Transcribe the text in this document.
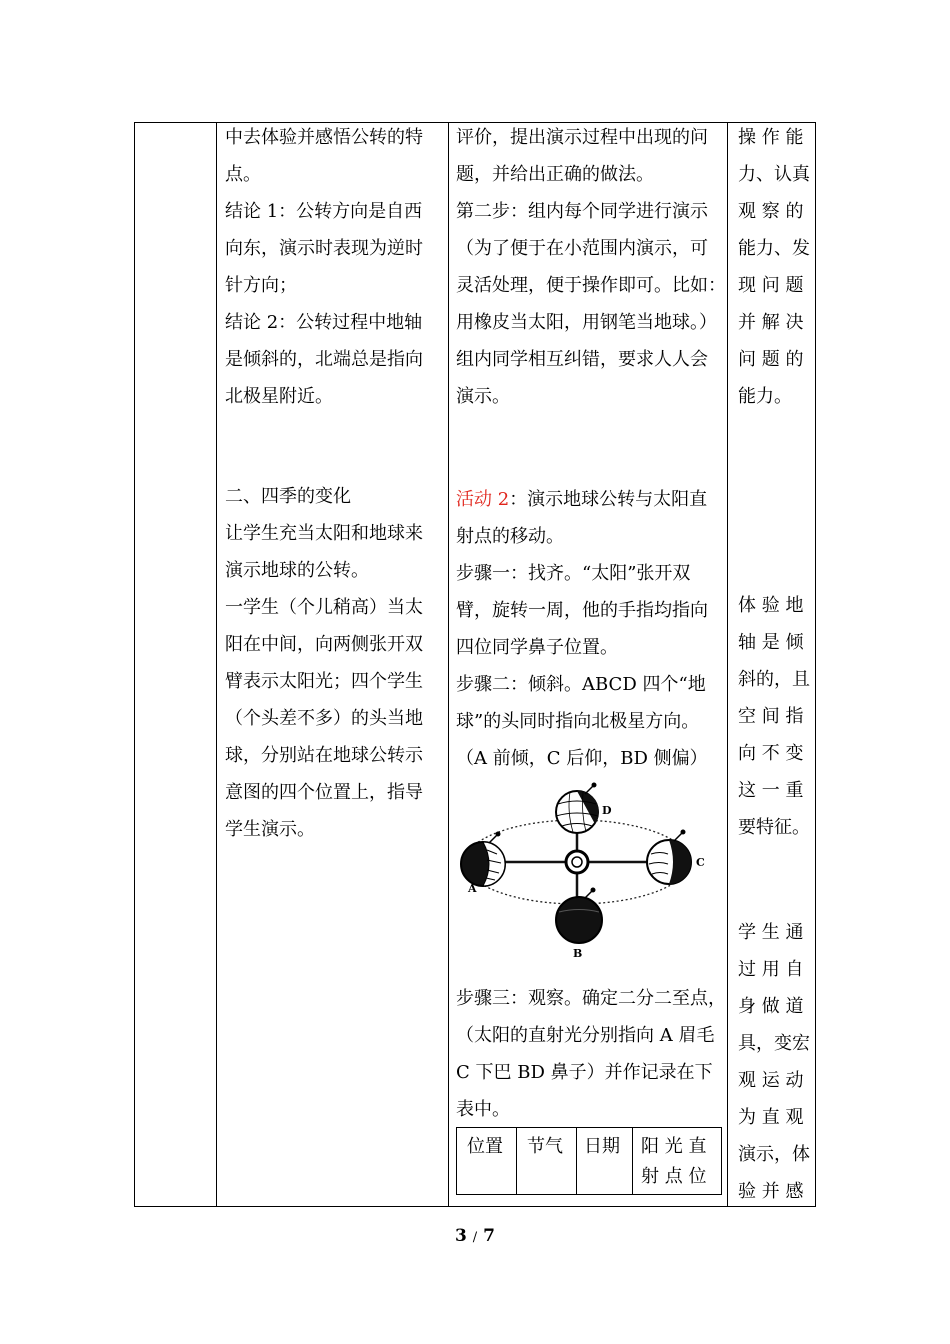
中去体验并感悟公转的特

点。

结论 1：公转方向是自西

向东，演示时表现为逆时

针方向；

结论 2：公转过程中地轴

是倾斜的，北端总是指向

北极星附近。

二、四季的变化

让学生充当太阳和地球来

演示地球的公转。

一学生（个儿稍高）当太

阳在中间，向两侧张开双

臂表示太阳光；四个学生

（个头差不多）的头当地

球，分别站在地球公转示

意图的四个位置上，指导

学生演示。

评价，提出演示过程中出现的问

题，并给出正确的做法。

第二步：组内每个同学进行演示

（为了便于在小范围内演示，可

灵活处理，便于操作即可。比如：

用橡皮当太阳，用钢笔当地球。）

组内同学相互纠错，要求人人会

演示。

活动 2：演示地球公转与太阳直

射点的移动。

步骤一：找齐。“太阳”张开双

臂，旋转一周，他的手指均指向

四位同学鼻子位置。

步骤二：倾斜。ABCD 四个“地

球”的头同时指向北极星方向。

（A 前倾，C 后仰，BD 侧偏）

D
A
C
B

步骤三：观察。确定二分二至点，

（太阳的直射光分别指向 A 眉毛

C 下巴 BD 鼻子）并作记录在下

表中。

位置 节气 日期 阳 光 直
射 点 位

操 作 能

力、认真

观 察 的

能力、发

现 问 题

并 解 决

问 题 的

能力。

体 验 地

轴 是 倾

斜的，且

空 间 指

向 不 变

这 一 重

要特征。

学 生 通

过 用 自

身 做 道

具，变宏

观 运 动

为 直 观

演示，体

验 并 感

3 / 7
